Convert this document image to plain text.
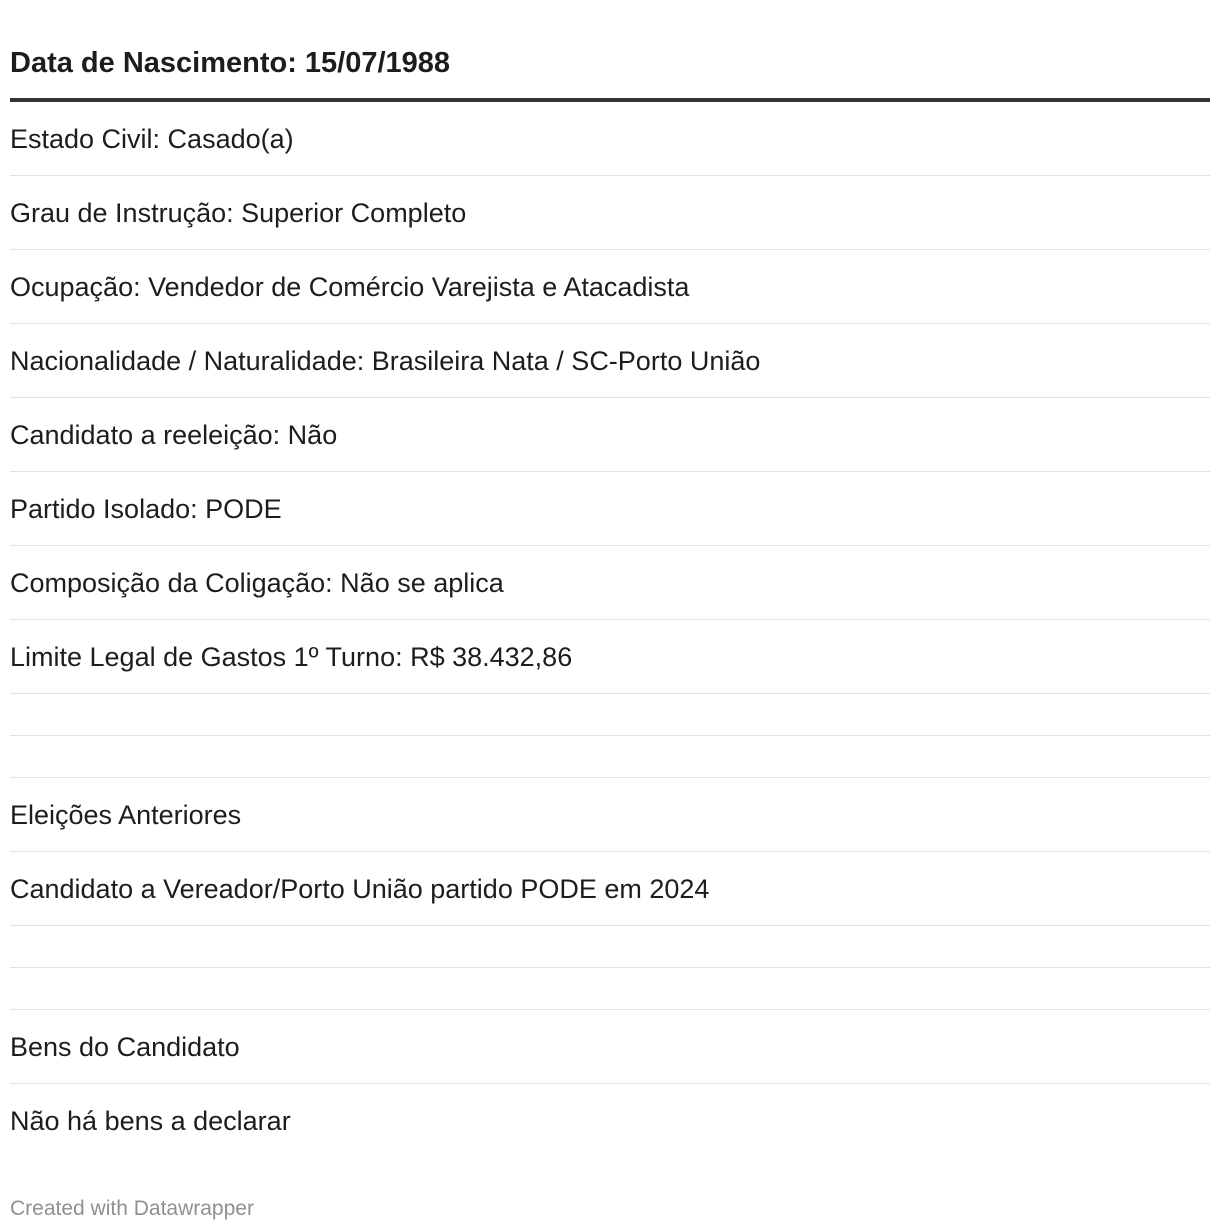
Data de Nascimento: 15/07/1988
Estado Civil: Casado(a)
Grau de Instrução: Superior Completo
Ocupação: Vendedor de Comércio Varejista e Atacadista
Nacionalidade / Naturalidade: Brasileira Nata / SC-Porto União
Candidato a reeleição: Não
Partido Isolado: PODE
Composição da Coligação: Não se aplica
Limite Legal de Gastos 1º Turno: R$ 38.432,86
Eleições Anteriores
Candidato a Vereador/Porto União partido PODE em 2024
Bens do Candidato
Não há bens a declarar
Created with Datawrapper
